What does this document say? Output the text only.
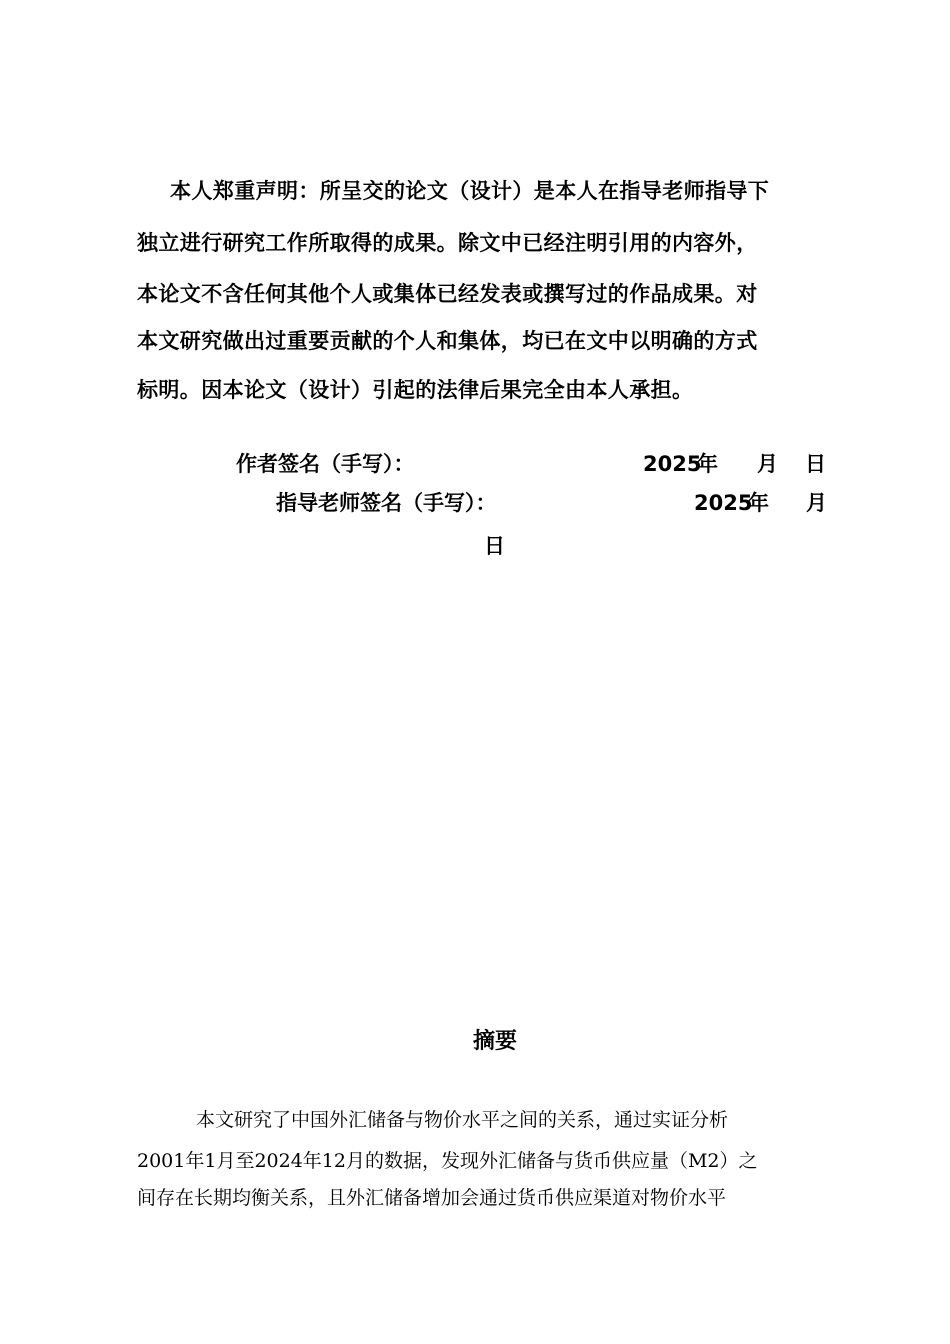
本人郑重声明：所呈交的论文（设计）是本人在指导老师指导下
独立进行研究工作所取得的成果。除文中已经注明引用的内容外，
本论文不含任何其他个人或集体已经发表或撰写过的作品成果。对
本文研究做出过重要贡献的个人和集体，均已在文中以明确的方式
标明。因本论文（设计）引起的法律后果完全由本人承担。
作者签名（手写）：	2025
年 月 日
指导老师签名（手写）：	2025
年 月
日
摘要
本文研究了中国外汇储备与物价水平之间的关系，通过实证分析
2001年1月至2024年12月的数据，发现外汇储备与货币供应量（M2）之
间存在长期均衡关系，且外汇储备增加会通过货币供应渠道对物价水平
